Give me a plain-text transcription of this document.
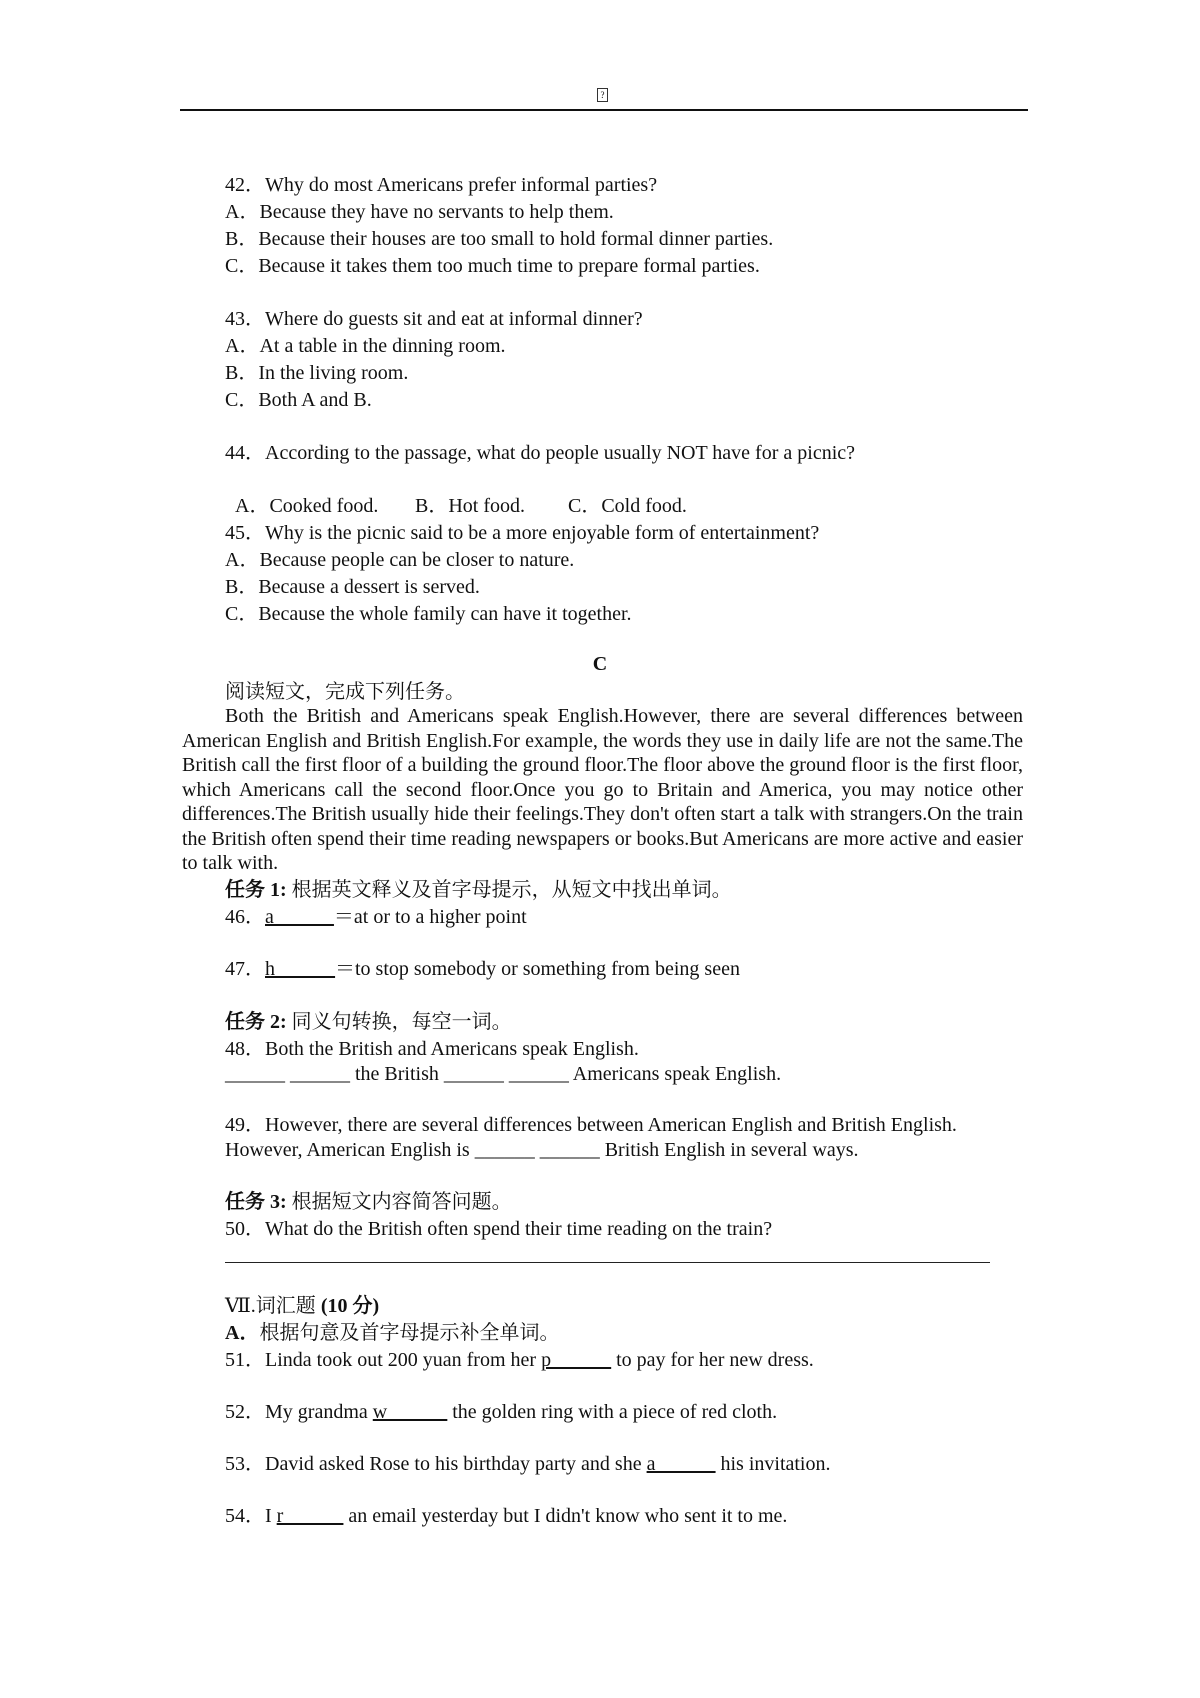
?
42．Why do most Americans prefer informal parties?
A．Because they have no servants to help them.
B．Because their houses are too small to hold formal dinner parties.
C．Because it takes them too much time to prepare formal parties.
43．Where do guests sit and eat at informal dinner?
A．At a table in the dinning room.
B．In the living room.
C．Both A and B.
44．According to the passage, what do people usually NOT have for a picnic?

A．Cooked food. B．Hot food. C．Cold food.

45．Why is the picnic said to be a more enjoyable form of entertainment?
A．Because people can be closer to nature.
B．Because a dessert is served.
C．Because the whole family can have it together.
C
阅读短文，完成下列任务。
Both the British and Americans speak English.However, there are several differences between American English and British English.For example, the words they use in daily life are not the same.The British call the first floor of a building the ground floor.The floor above the ground floor is the first floor, which Americans call the second floor.Once you go to Britain and America, you may notice other differences.The British usually hide their feelings.They don't often start a talk with strangers.On the train the British often spend their time reading newspapers or books.But Americans are more active and easier to talk with.
任务 1: 根据英文释义及首字母提示，从短文中找出单词。
46．a______＝at or to a higher point
47．h______＝to stop somebody or something from being seen
任务 2: 同义句转换，每空一词。
48．Both the British and Americans speak English.
______ ______ the British ______ ______ Americans speak English.
49．However, there are several differences between American English and British English.
However, American English is ______ ______ British English in several ways.
任务 3: 根据短文内容简答问题。
50．What do the British often spend their time reading on the train?
Ⅶ.词汇题 (10 分)
A．根据句意及首字母提示补全单词。
51．Linda took out 200 yuan from her p______ to pay for her new dress.
52．My grandma w______ the golden ring with a piece of red cloth.
53．David asked Rose to his birthday party and she a______ his invitation.
54．I r______ an email yesterday but I didn't know who sent it to me.
